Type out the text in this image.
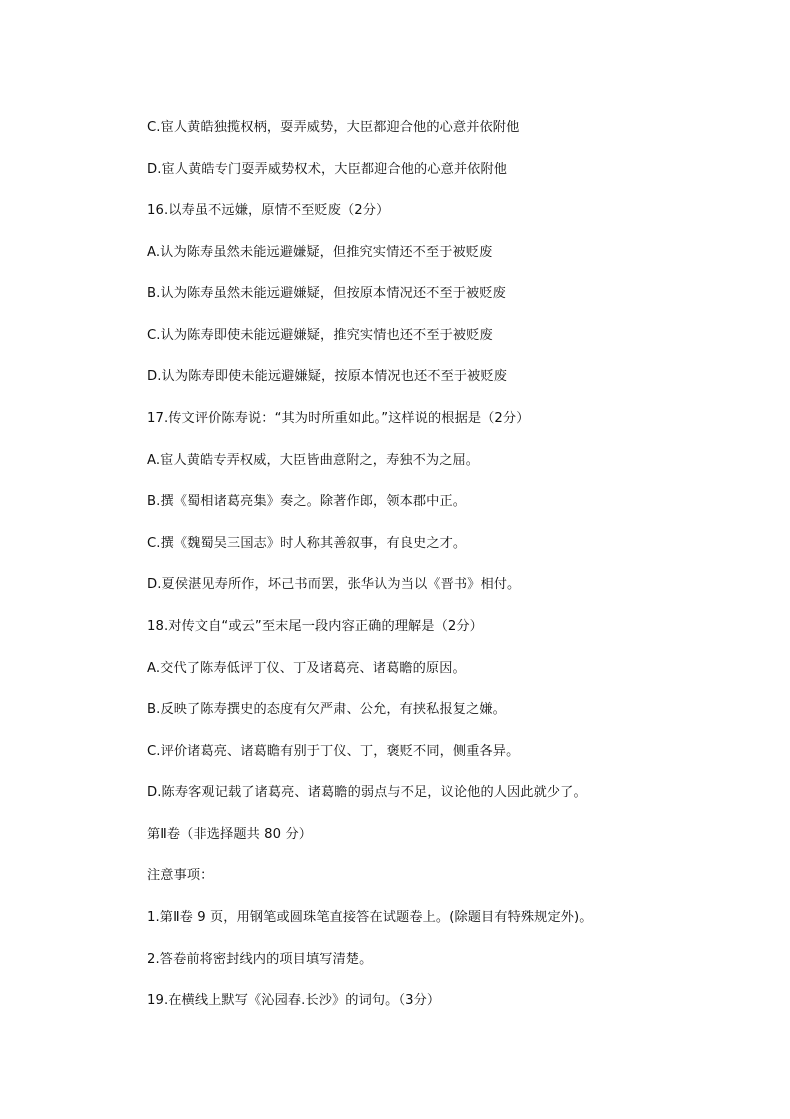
C.宦人黄皓独揽权柄，耍弄威势，大臣都迎合他的心意并依附他
D.宦人黄皓专门耍弄威势权术，大臣都迎合他的心意并依附他
16.以寿虽不远嫌，原情不至贬废（2分）
A.认为陈寿虽然未能远避嫌疑，但推究实情还不至于被贬废
B.认为陈寿虽然未能远避嫌疑，但按原本情况还不至于被贬废
C.认为陈寿即使未能远避嫌疑，推究实情也还不至于被贬废
D.认为陈寿即使未能远避嫌疑，按原本情况也还不至于被贬废
17.传文评价陈寿说：“其为时所重如此。”这样说的根据是（2分）
A.宦人黄皓专弄权威，大臣皆曲意附之，寿独不为之屈。
B.撰《蜀相诸葛亮集》奏之。除著作郎，领本郡中正。
C.撰《魏蜀吴三国志》时人称其善叙事，有良史之才。
D.夏侯湛见寿所作，坏己书而罢，张华认为当以《晋书》相付。
18.对传文自“或云”至末尾一段内容正确的理解是（2分）
A.交代了陈寿低评丁仪、丁及诸葛亮、诸葛瞻的原因。
B.反映了陈寿撰史的态度有欠严肃、公允，有挟私报复之嫌。
C.评价诸葛亮、诸葛瞻有别于丁仪、丁，褒贬不同，侧重各异。
D.陈寿客观记载了诸葛亮、诸葛瞻的弱点与不足，议论他的人因此就少了。
第Ⅱ卷（非选择题共 80 分）
注意事项：
1.第Ⅱ卷 9 页，用钢笔或圆珠笔直接答在试题卷上。(除题目有特殊规定外)。
2.答卷前将密封线内的项目填写清楚。
19.在横线上默写《沁园春.长沙》的词句。（3分）
